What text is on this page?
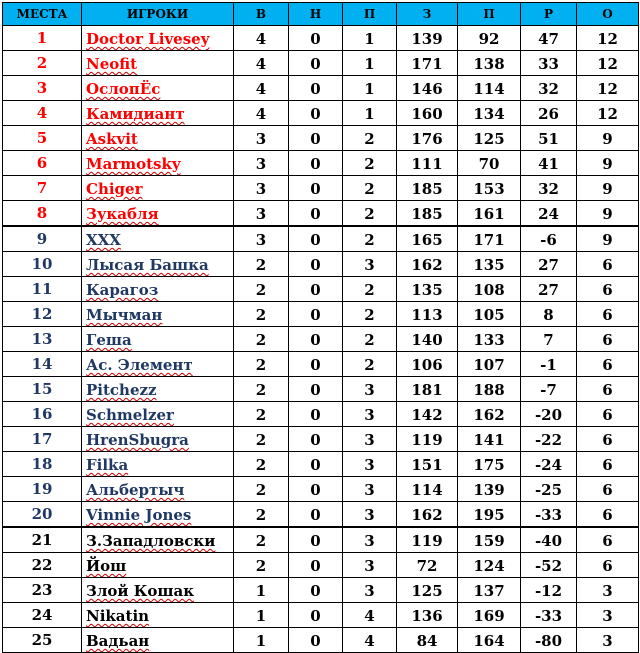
МЕСТА	ИГРОКИ	В	Н	П	З	П	Р	О
1	Doctor Livesey	4	0	1	139	92	47	12
2	Neofit	4	0	1	171	138	33	12
3	ОслопЁс	4	0	1	146	114	32	12
4	Камидиант	4	0	1	160	134	26	12
5	Askvit	3	0	2	176	125	51	9
6	Marmotsky	3	0	2	111	70	41	9
7	Chiger	3	0	2	185	153	32	9
8	Зукабля	3	0	2	185	161	24	9
9	XXX	3	0	2	165	171	-6	9
10	Лысая Башка	2	0	3	162	135	27	6
11	Карагоз	2	0	2	135	108	27	6
12	Мычман	2	0	2	113	105	8	6
13	Геша	2	0	2	140	133	7	6
14	Ас. Элемент	2	0	2	106	107	-1	6
15	Pitchezz	2	0	3	181	188	-7	6
16	Schmelzer	2	0	3	142	162	-20	6
17	HrenSbugra	2	0	3	119	141	-22	6
18	Filka	2	0	3	151	175	-24	6
19	Альбертыч	2	0	3	114	139	-25	6
20	Vinnie Jones	2	0	3	162	195	-33	6
21	З.Западловски	2	0	3	119	159	-40	6
22	Йош	2	0	3	72	124	-52	6
23	Злой Кошак	1	0	3	125	137	-12	3
24	Nikatin	1	0	4	136	169	-33	3
25	Вадьан	1	0	4	84	164	-80	3
